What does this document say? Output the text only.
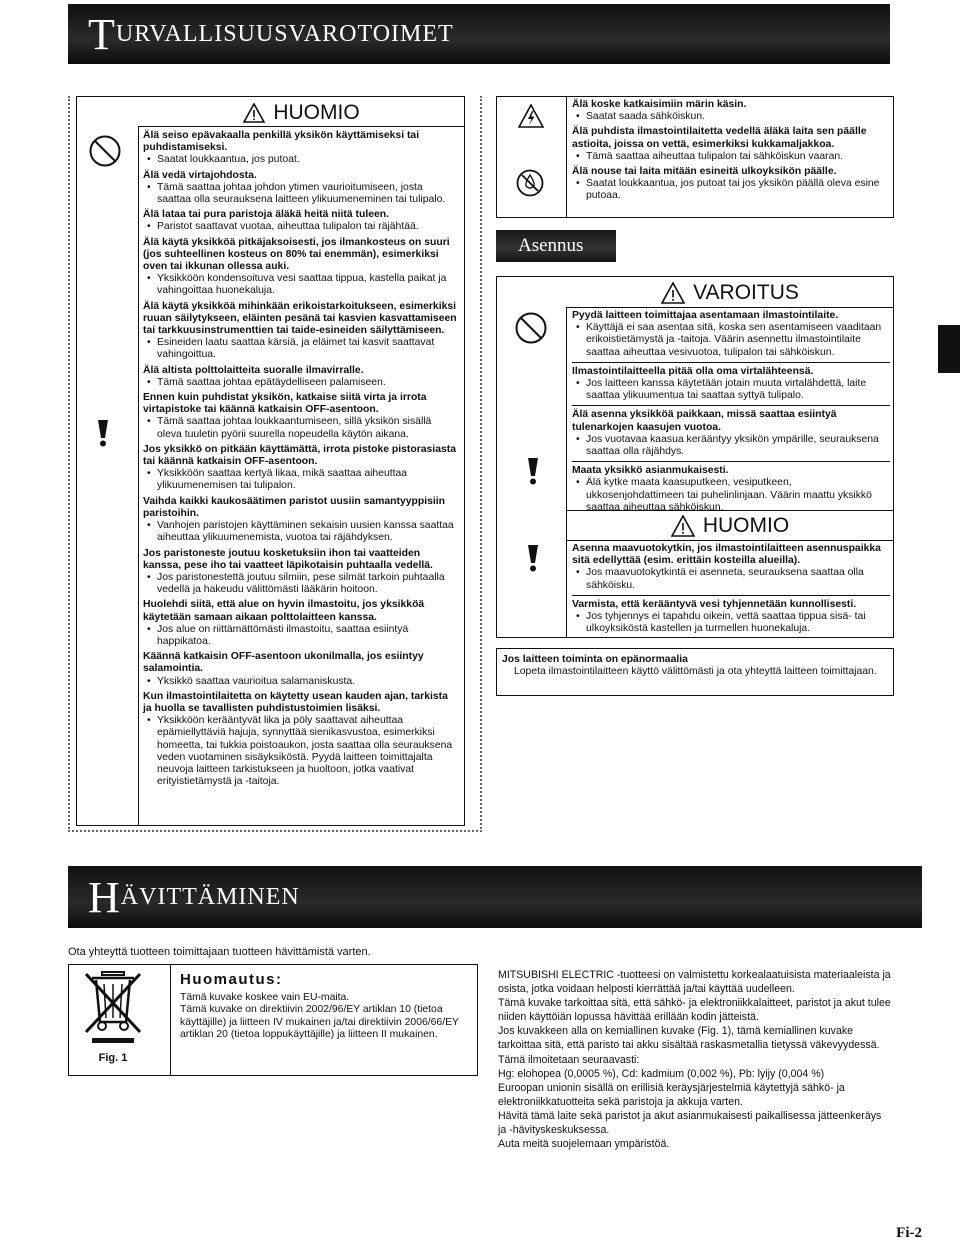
T URVALLISUUSVAROTOIMET
HUOMIO
Älä seiso epävakaalla penkillä yksikön käyttämiseksi tai puhdistamiseksi.
• Saatat loukkaantua, jos putoat.
Älä vedä virtajohdosta.
• Tämä saattaa johtaa johdon ytimen vaurioitumiseen, josta saattaa olla seurauksena laitteen ylikuumeneminen tai tulipalo.
Älä lataa tai pura paristoja äläkä heitä niitä tuleen.
• Paristot saattavat vuotaa, aiheuttaa tulipalon tai räjähtää.
Älä käytä yksikköä pitkäjaksoisesti, jos ilmankosteus on suuri (jos suhteellinen kosteus on 80% tai enemmän), esimerkiksi oven tai ikkunan ollessa auki.
• Yksikköön kondensoituva vesi saattaa tippua, kastella paikat ja vahingoittaa huonekaluja.
Älä käytä yksikköä mihinkään erikoistarkoitukseen, esimerkiksi ruuan säilytykseen, eläinten pesänä tai kasvien kasvattamiseen tai tarkkuusinstrumenttien tai taide-esineiden säilyttämiseen.
• Esineiden laatu saattaa kärsiä, ja eläimet tai kasvit saattavat vahingoittua.
Älä altista polttolaitteita suoralle ilmavirralle.
• Tämä saattaa johtaa epätäydelliseen palamiseen.
Ennen kuin puhdistat yksikön, katkaise siitä virta ja irrota virtapistoke tai käännä katkaisin OFF-asentoon.
• Tämä saattaa johtaa loukkaantumiseen, sillä yksikön sisällä oleva tuuletin pyörii suurella nopeudella käytön aikana.
Jos yksikkö on pitkään käyttämättä, irrota pistoke pistorasiasta tai käännä katkaisin OFF-asentoon.
• Yksikköön saattaa kertyä likaa, mikä saattaa aiheuttaa ylikuumenemisen tai tulipalon.
Vaihda kaikki kaukosäätimen paristot uusiin samantyyppisiin paristoihin.
• Vanhojen paristojen käyttäminen sekaisin uusien kanssa saattaa aiheuttaa ylikuumenemista, vuotoa tai räjähdyksen.
Jos paristoneste joutuu kosketuksiin ihon tai vaatteiden kanssa, pese iho tai vaatteet läpikotaisin puhtaalla vedellä.
• Jos paristonestettä joutuu silmiin, pese silmät tarkoin puhtaalla vedellä ja hakeudu välittömästi lääkärin hoitoon.
Huolehdi siitä, että alue on hyvin ilmastoitu, jos yksikköä käytetään samaan aikaan polttolaitteen kanssa.
• Jos alue on riittämättömästi ilmastoitu, saattaa esiintyä happikatoa.
Käännä katkaisin OFF-asentoon ukonilmalla, jos esiintyy salamointia.
• Yksikkö saattaa vaurioitua salamaniskusta.
Kun ilmastointilaitetta on käytetty usean kauden ajan, tarkista ja huolla se tavallisten puhdistustoimien lisäksi.
• Yksikköön kerääntyvät lika ja pöly saattavat aiheuttaa epämiellyttäviä hajuja, synnyttää sienikasvustoa, esimerkiksi homeetta, tai tukkia poistoaukon, josta saattaa olla seurauksena veden vuotaminen sisäyksiköstä. Pyydä laitteen toimittajalta neuvoja laitteen tarkistukseen ja huoltoon, jotka vaativat erityistietämystä ja -taitoja.
Älä koske katkaisimiin märin käsin.
• Saatat saada sähköiskun.
Älä puhdista ilmastointilaitetta vedellä äläkä laita sen päälle astioita, joissa on vettä, esimerkiksi kukkamaljakkoa.
• Tämä saattaa aiheuttaa tulipalon tai sähköiskun vaaran.
Älä nouse tai laita mitään esineitä ulkoyksikön päälle.
• Saatat loukkaantua, jos putoat tai jos yksikön päällä oleva esine putoaa.
Asennus
VAROITUS
Pyydä laitteen toimittajaa asentamaan ilmastointilaite.
• Käyttäjä ei saa asentaa sitä, koska sen asentamiseen vaaditaan erikoistietämystä ja -taitoja. Väärin asennettu ilmastointilaite saattaa aiheuttaa vesivuotoa, tulipalon tai sähköiskun.
Ilmastointilaitteella pitää olla oma virtalähteensä.
• Jos laitteen kanssa käytetään jotain muuta virtalähdettä, laite saattaa ylikuumentua tai saattaa syttyä tulipalo.
Älä asenna yksikköä paikkaan, missä saattaa esiintyä tulenarkojen kaasujen vuotoa.
• Jos vuotavaa kaasua kerääntyy yksikön ympärille, seurauksena saattaa olla räjähdys.
Maata yksikkö asianmukaisesti.
• Älä kytke maata kaasuputkeen, vesiputkeen, ukkosenjohdattimeen tai puhelinlinjaan. Väärin maattu yksikkö saattaa aiheuttaa sähköiskun.
HUOMIO
Asenna maavuotokytkin, jos ilmastointilaitteen asennuspaikka sitä edellyttää (esim. erittäin kosteilla alueilla).
• Jos maavuotokytkintä ei asenneta, seurauksena saattaa olla sähköisku.
Varmista, että kerääntyvä vesi tyhjennetään kunnollisesti.
• Jos tyhjennys ei tapahdu oikein, vettä saattaa tippua sisä- tai ulkoyksiköstä kastellen ja turmellen huonekaluja.
Jos laitteen toiminta on epänormaalia
Lopeta ilmastointilaitteen käyttö välittömästi ja ota yhteyttä laitteen toimittajaan.
H ÄVITTÄMINEN
Ota yhteyttä tuotteen toimittajaan tuotteen hävittämistä varten.
Fig. 1
Huomautus:
Tämä kuvake koskee vain EU-maita.
Tämä kuvake on direktiivin 2002/96/EY artiklan 10 (tietoa käyttäjille) ja liitteen IV mukainen ja/tai direktiivin 2006/66/EY artiklan 20 (tietoa loppukäyttäjille) ja liitteen II mukainen.
MITSUBISHI ELECTRIC -tuotteesi on valmistettu korkealaatuisista materiaaleista ja osista, jotka voidaan helposti kierrättää ja/tai käyttää uudelleen.
Tämä kuvake tarkoittaa sitä, että sähkö- ja elektroniikkalaitteet, paristot ja akut tulee niiden käyttöiän lopussa hävittää erillään kodin jätteistä.
Jos kuvakkeen alla on kemiallinen kuvake (Fig. 1), tämä kemiallinen kuvake tarkoittaa sitä, että paristo tai akku sisältää raskasmetallia tietyssä väkevyydessä. Tämä ilmoitetaan seuraavasti:
Hg: elohopea (0,0005 %), Cd: kadmium (0,002 %), Pb: lyijy (0,004 %)
Euroopan unionin sisällä on erillisiä keräysjärjestelmiä käytettyjä sähkö- ja elektroniikkatuotteita sekä paristoja ja akkuja varten.
Hävitä tämä laite sekä paristot ja akut asianmukaisesti paikallisessa jätteenkeräys ja -hävityskeskuksessa.
Auta meitä suojelemaan ympäristöä.
Fi-2
